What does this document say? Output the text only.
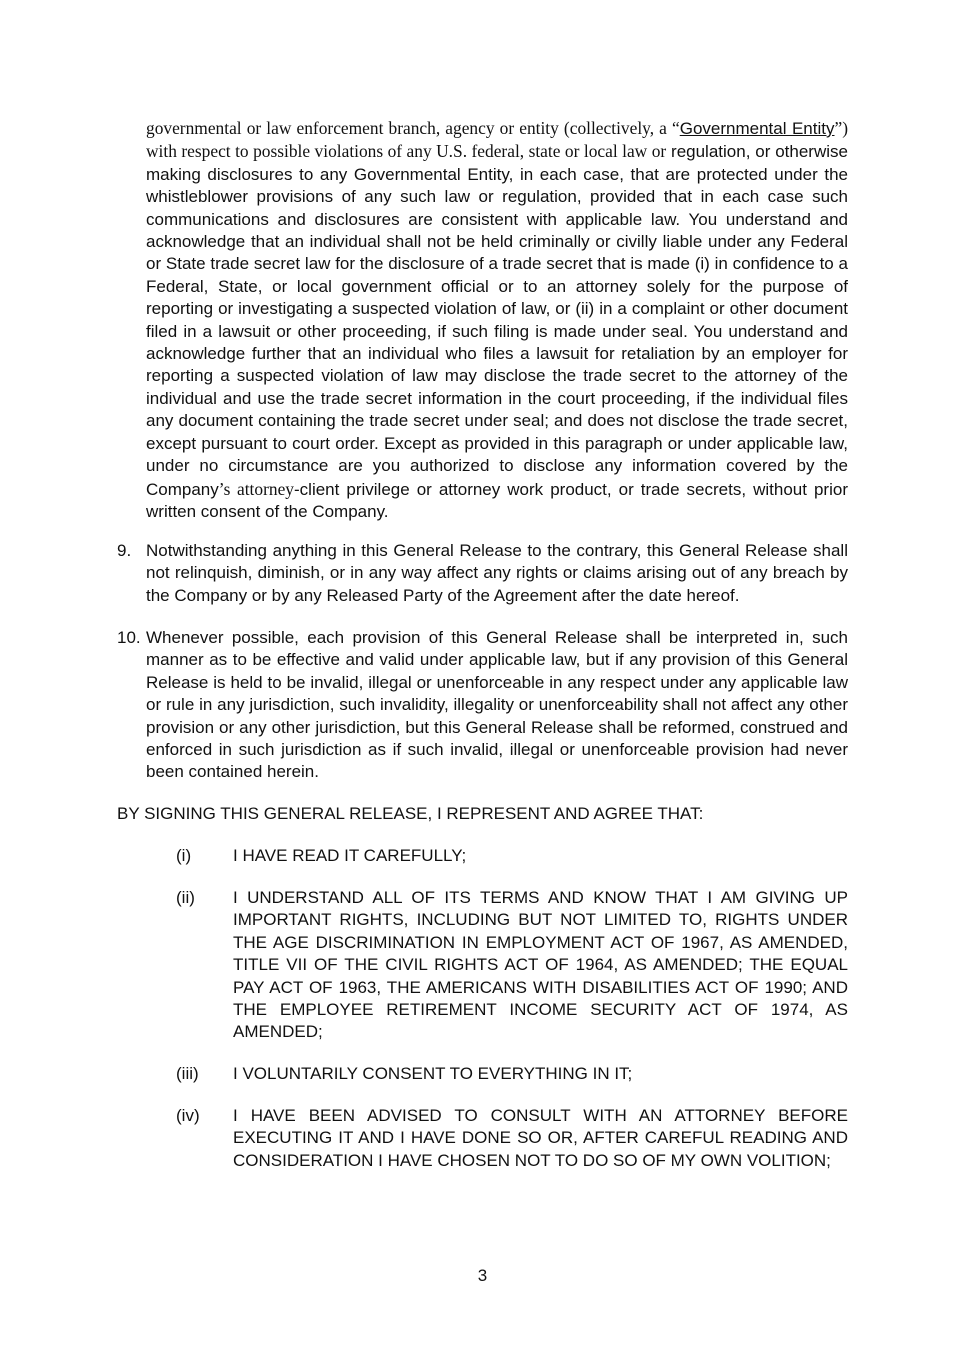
governmental or law enforcement branch, agency or entity (collectively, a “Governmental Entity”) with respect to possible violations of any U.S. federal, state or local law or regulation, or otherwise making disclosures to any Governmental Entity, in each case, that are protected under the whistleblower provisions of any such law or regulation, provided that in each case such communications and disclosures are consistent with applicable law. You understand and acknowledge that an individual shall not be held criminally or civilly liable under any Federal or State trade secret law for the disclosure of a trade secret that is made (i) in confidence to a Federal, State, or local government official or to an attorney solely for the purpose of reporting or investigating a suspected violation of law, or (ii) in a complaint or other document filed in a lawsuit or other proceeding, if such filing is made under seal. You understand and acknowledge further that an individual who files a lawsuit for retaliation by an employer for reporting a suspected violation of law may disclose the trade secret to the attorney of the individual and use the trade secret information in the court proceeding, if the individual files any document containing the trade secret under seal; and does not disclose the trade secret, except pursuant to court order. Except as provided in this paragraph or under applicable law, under no circumstance are you authorized to disclose any information covered by the Company’s attorney-client privilege or attorney work product, or trade secrets, without prior written consent of the Company.

9. Notwithstanding anything in this General Release to the contrary, this General Release shall not relinquish, diminish, or in any way affect any rights or claims arising out of any breach by the Company or by any Released Party of the Agreement after the date hereof.

10. Whenever possible, each provision of this General Release shall be interpreted in, such manner as to be effective and valid under applicable law, but if any provision of this General Release is held to be invalid, illegal or unenforceable in any respect under any applicable law or rule in any jurisdiction, such invalidity, illegality or unenforceability shall not affect any other provision or any other jurisdiction, but this General Release shall be reformed, construed and enforced in such jurisdiction as if such invalid, illegal or unenforceable provision had never been contained herein.

BY SIGNING THIS GENERAL RELEASE, I REPRESENT AND AGREE THAT:

(i) I HAVE READ IT CAREFULLY;

(ii) I UNDERSTAND ALL OF ITS TERMS AND KNOW THAT I AM GIVING UP IMPORTANT RIGHTS, INCLUDING BUT NOT LIMITED TO, RIGHTS UNDER THE AGE DISCRIMINATION IN EMPLOYMENT ACT OF 1967, AS AMENDED, TITLE VII OF THE CIVIL RIGHTS ACT OF 1964, AS AMENDED; THE EQUAL PAY ACT OF 1963, THE AMERICANS WITH DISABILITIES ACT OF 1990; AND THE EMPLOYEE RETIREMENT INCOME SECURITY ACT OF 1974, AS AMENDED;

(iii) I VOLUNTARILY CONSENT TO EVERYTHING IN IT;

(iv) I HAVE BEEN ADVISED TO CONSULT WITH AN ATTORNEY BEFORE EXECUTING IT AND I HAVE DONE SO OR, AFTER CAREFUL READING AND CONSIDERATION I HAVE CHOSEN NOT TO DO SO OF MY OWN VOLITION;

3
